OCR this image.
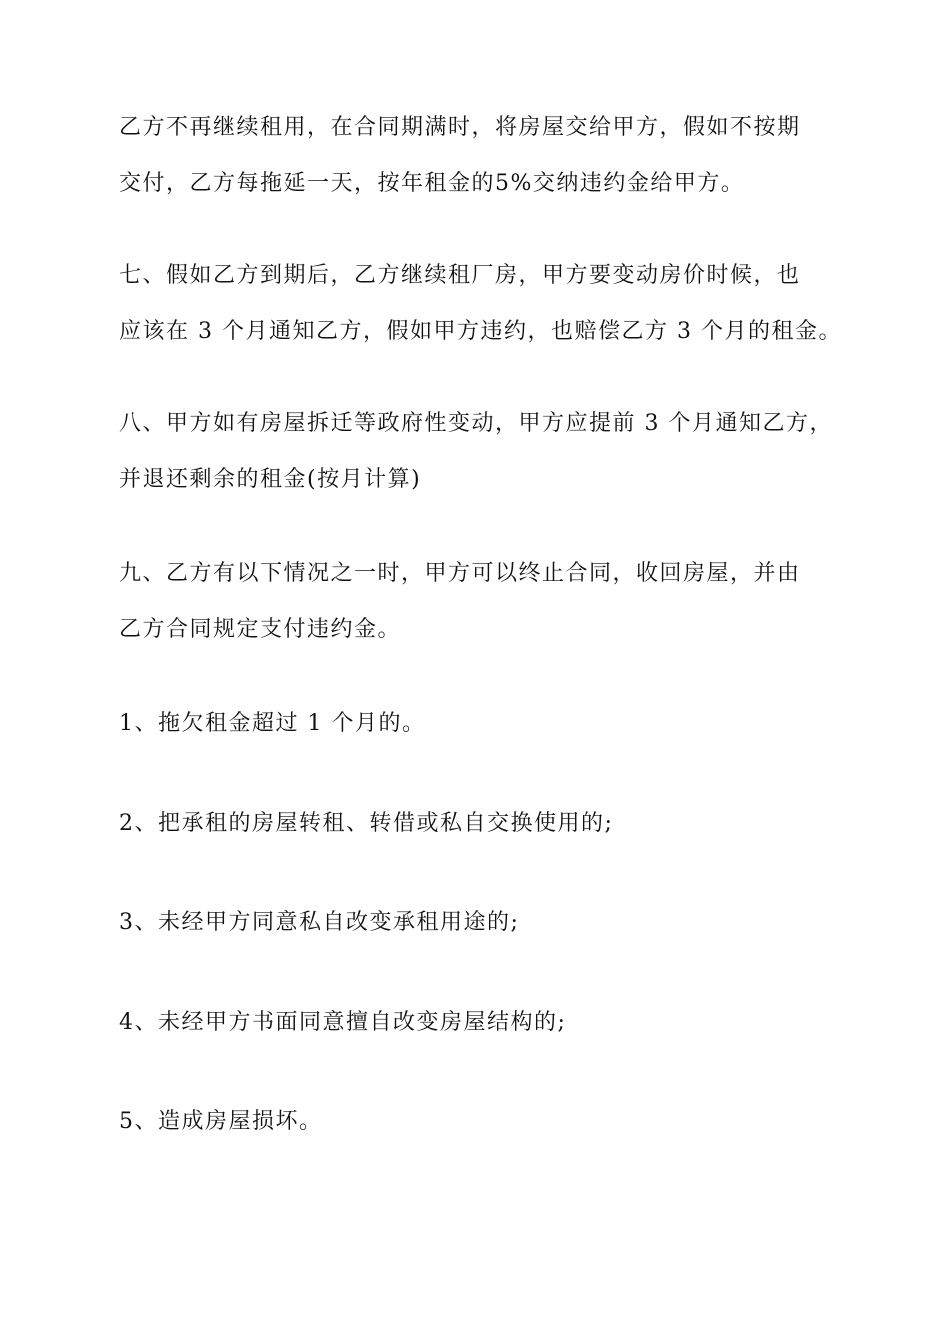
乙方不再继续租用，在合同期满时，将房屋交给甲方，假如不按期
交付，乙方每拖延一天，按年租金的5%交纳违约金给甲方。

七、假如乙方到期后，乙方继续租厂房，甲方要变动房价时候，也
应该在 3 个月通知乙方，假如甲方违约，也赔偿乙方 3 个月的租金。

八、甲方如有房屋拆迁等政府性变动，甲方应提前 3 个月通知乙方，
并退还剩余的租金(按月计算)

九、乙方有以下情况之一时，甲方可以终止合同，收回房屋，并由
乙方合同规定支付违约金。

1、拖欠租金超过 1 个月的。

2、把承租的房屋转租、转借或私自交换使用的;

3、未经甲方同意私自改变承租用途的;

4、未经甲方书面同意擅自改变房屋结构的;

5、造成房屋损坏。
